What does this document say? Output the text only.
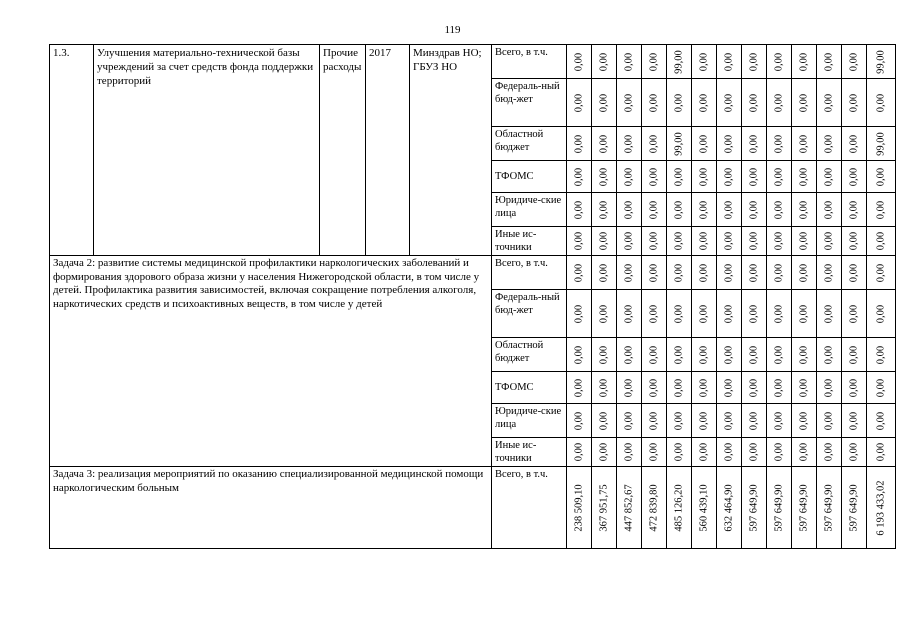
119
1.3.	Улучшения материально-технической базы учреждений за счет средств фонда поддержки территорий	Прочие расходы	2017	Минздрав НО; ГБУЗ НО	Всего, в т.ч.	0,00	0,00	0,00	0,00	99,00	0,00	0,00	0,00	0,00	0,00	0,00	0,00	99,00

					Федераль-ный бюд-жет	0,00	0,00	0,00	0,00	0,00	0,00	0,00	0,00	0,00	0,00	0,00	0,00	0,00

					Областной бюджет	0,00	0,00	0,00	0,00	99,00	0,00	0,00	0,00	0,00	0,00	0,00	0,00	99,00

					ТФОМС	0,00	0,00	0,00	0,00	0,00	0,00	0,00	0,00	0,00	0,00	0,00	0,00	0,00

					Юридиче-ские лица	0,00	0,00	0,00	0,00	0,00	0,00	0,00	0,00	0,00	0,00	0,00	0,00	0,00

					Иные ис-точники	0,00	0,00	0,00	0,00	0,00	0,00	0,00	0,00	0,00	0,00	0,00	0,00	0,00

Задача 2: развитие системы медицинской профилактики наркологических заболеваний и формирования здорового образа жизни у населения Нижегородской области, в том числе у детей. Профилактика развития зависимостей, включая сокращение потребления алкоголя, наркотических средств и психоактивных веществ, в том числе у детей					Всего, в т.ч.	0,00	0,00	0,00	0,00	0,00	0,00	0,00	0,00	0,00	0,00	0,00	0,00	0,00

					Федераль-ный бюд-жет	0,00	0,00	0,00	0,00	0,00	0,00	0,00	0,00	0,00	0,00	0,00	0,00	0,00

					Областной бюджет	0,00	0,00	0,00	0,00	0,00	0,00	0,00	0,00	0,00	0,00	0,00	0,00	0,00

					ТФОМС	0,00	0,00	0,00	0,00	0,00	0,00	0,00	0,00	0,00	0,00	0,00	0,00	0,00

					Юридиче-ские лица	0,00	0,00	0,00	0,00	0,00	0,00	0,00	0,00	0,00	0,00	0,00	0,00	0,00

					Иные ис-точники	0,00	0,00	0,00	0,00	0,00	0,00	0,00	0,00	0,00	0,00	0,00	0,00	0,00

Задача 3: реализация мероприятий по оказанию специализированной медицинской помощи наркологическим больным					Всего, в т.ч.	238 509,10	367 951,75	447 852,67	472 839,80	485 126,20	560 439,10	632 464,90	597 649,90	597 649,90	597 649,90	597 649,90	597 649,90	6 193 433,02
